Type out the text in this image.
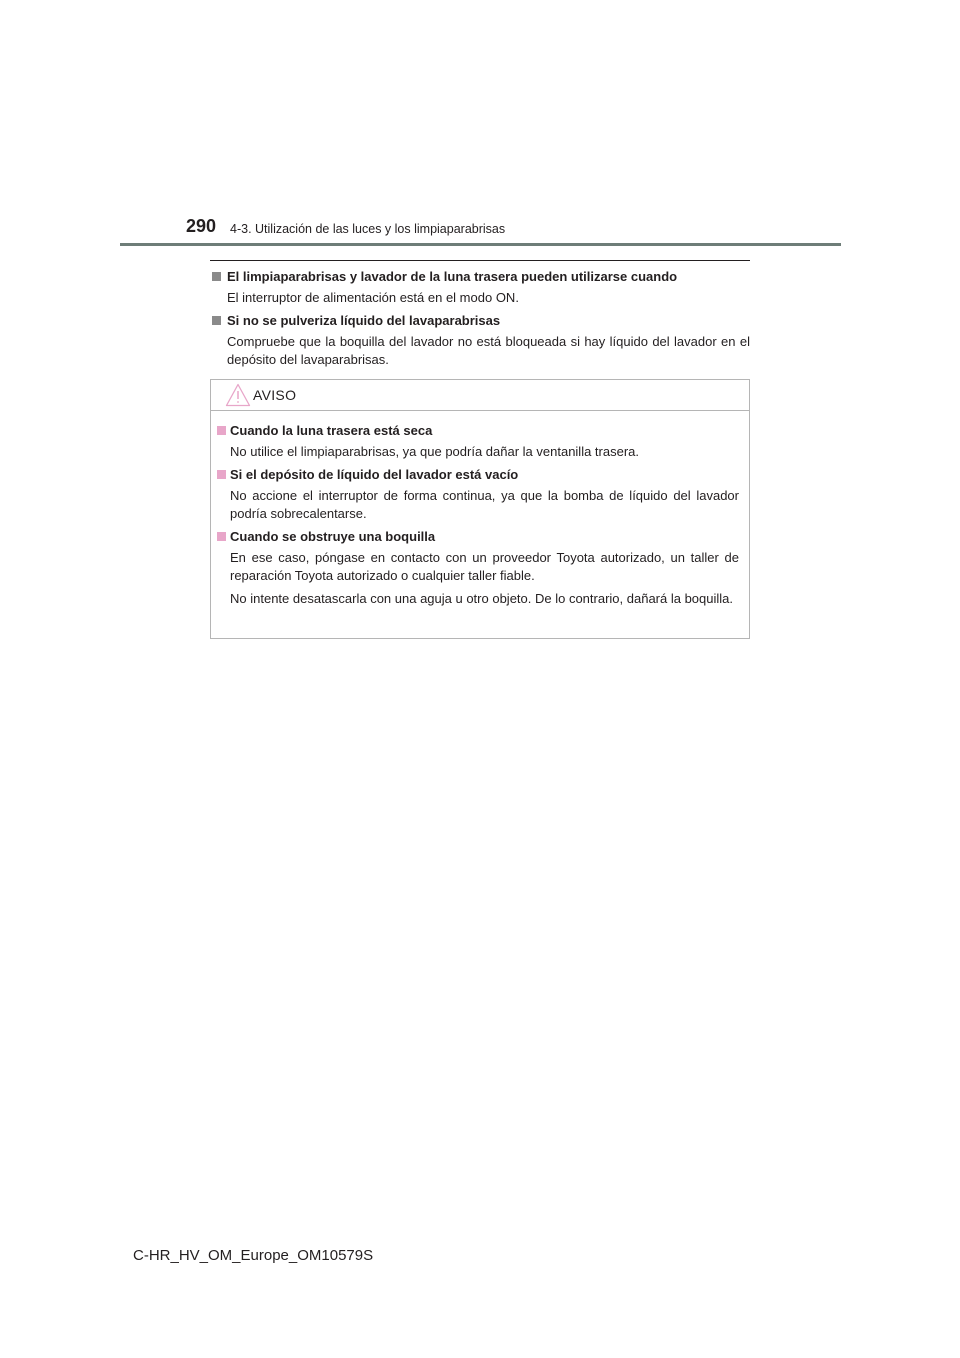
290 4-3. Utilización de las luces y los limpiaparabrisas
El limpiaparabrisas y lavador de la luna trasera pueden utilizarse cuando
El interruptor de alimentación está en el modo ON.
Si no se pulveriza líquido del lavaparabrisas
Compruebe que la boquilla del lavador no está bloqueada si hay líquido del lavador en el depósito del lavaparabrisas.
AVISO
Cuando la luna trasera está seca
No utilice el limpiaparabrisas, ya que podría dañar la ventanilla trasera.
Si el depósito de líquido del lavador está vacío
No accione el interruptor de forma continua, ya que la bomba de líquido del lavador podría sobrecalentarse.
Cuando se obstruye una boquilla

En ese caso, póngase en contacto con un proveedor Toyota autorizado, un taller de reparación Toyota autorizado o cualquier taller fiable.

No intente desatascarla con una aguja u otro objeto. De lo contrario, dañará la boquilla.

C-HR_HV_OM_Europe_OM10579S
